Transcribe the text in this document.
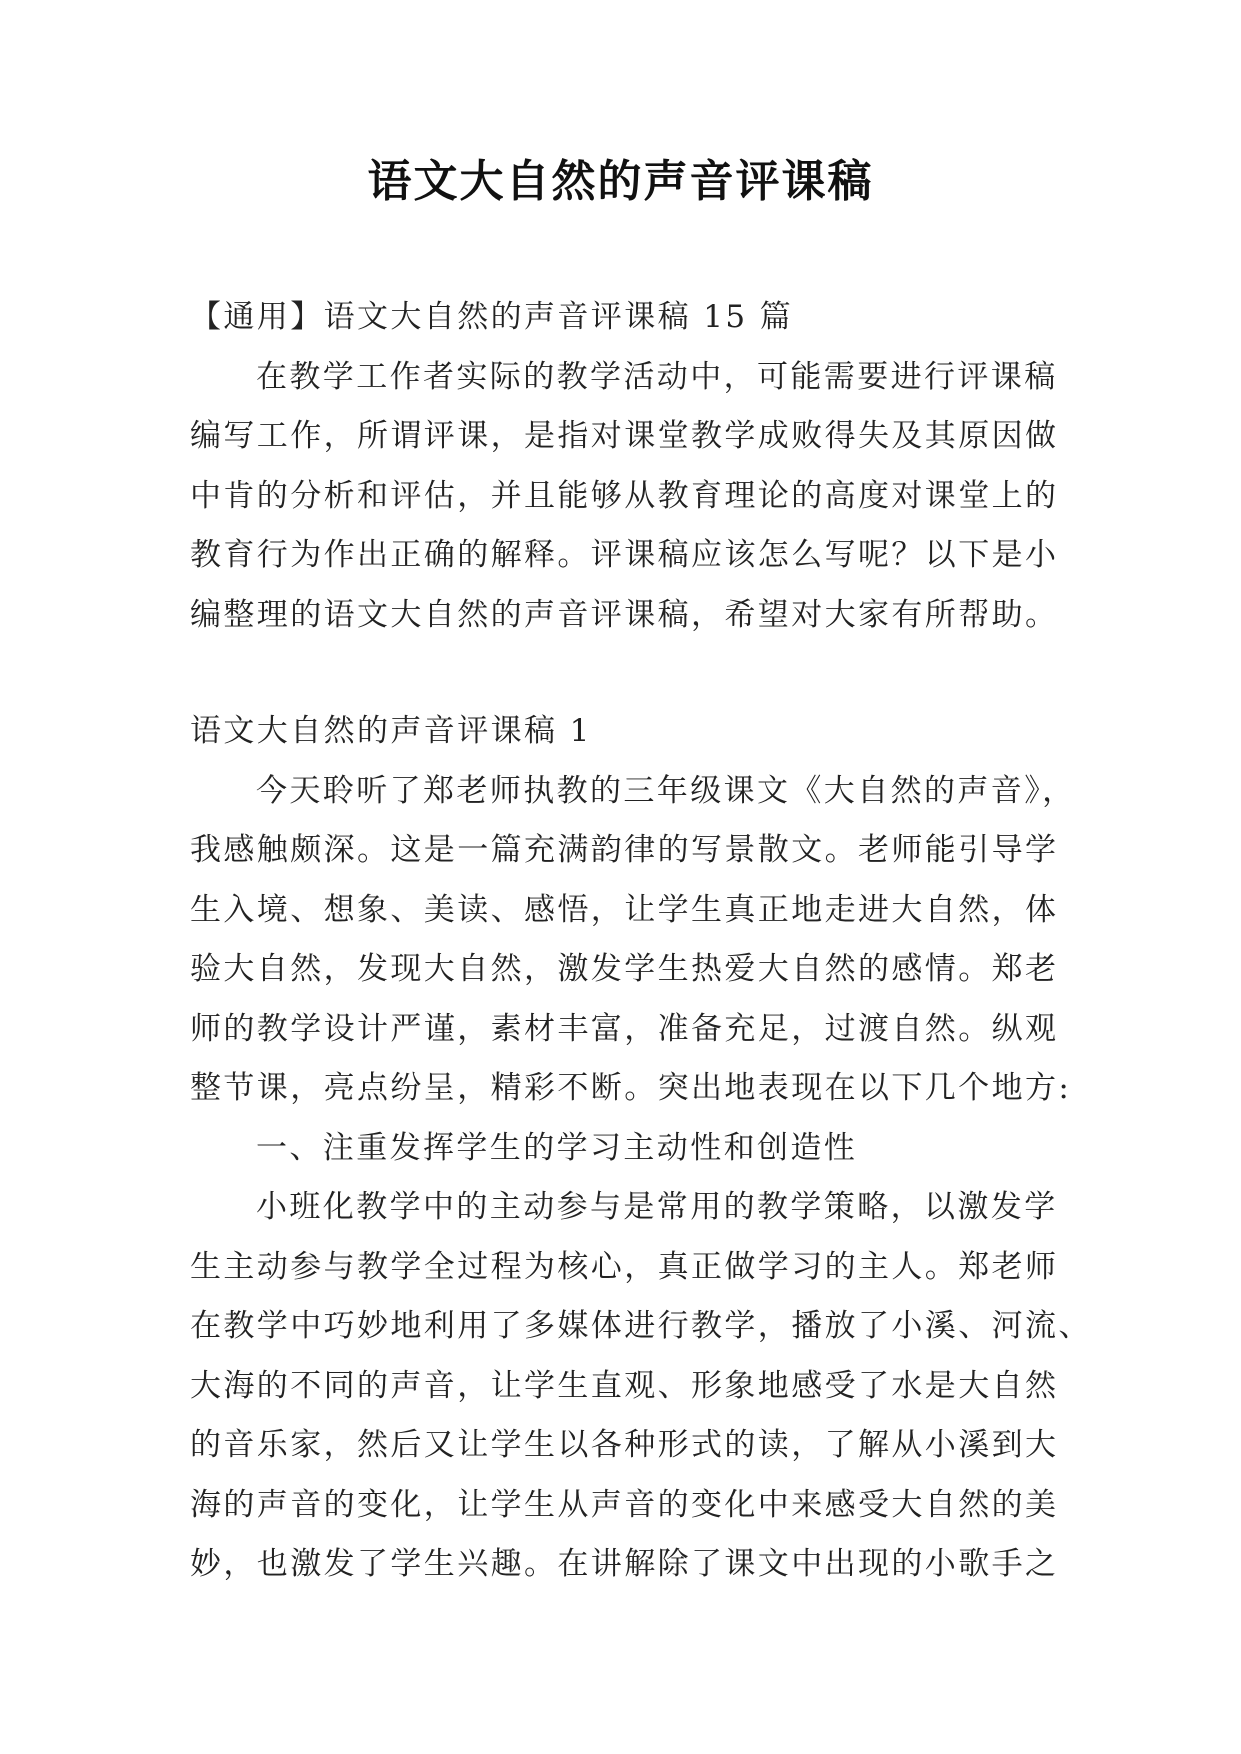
语文大自然的声音评课稿
【通用】语文大自然的声音评课稿 15 篇
在教学工作者实际的教学活动中，可能需要进行评课稿
编写工作，所谓评课，是指对课堂教学成败得失及其原因做
中肯的分析和评估，并且能够从教育理论的高度对课堂上的
教育行为作出正确的解释。评课稿应该怎么写呢？以下是小
编整理的语文大自然的声音评课稿，希望对大家有所帮助。
语文大自然的声音评课稿 1
今天聆听了郑老师执教的三年级课文《大自然的声音》，
我感触颇深。这是一篇充满韵律的写景散文。老师能引导学
生入境、想象、美读、感悟，让学生真正地走进大自然，体
验大自然，发现大自然，激发学生热爱大自然的感情。郑老
师的教学设计严谨，素材丰富，准备充足，过渡自然。纵观
整节课，亮点纷呈，精彩不断。突出地表现在以下几个地方:
一、注重发挥学生的学习主动性和创造性
小班化教学中的主动参与是常用的教学策略，以激发学
生主动参与教学全过程为核心，真正做学习的主人。郑老师
在教学中巧妙地利用了多媒体进行教学，播放了小溪、河流、
大海的不同的声音，让学生直观、形象地感受了水是大自然
的音乐家，然后又让学生以各种形式的读，了解从小溪到大
海的声音的变化，让学生从声音的变化中来感受大自然的美
妙，也激发了学生兴趣。在讲解除了课文中出现的小歌手之
